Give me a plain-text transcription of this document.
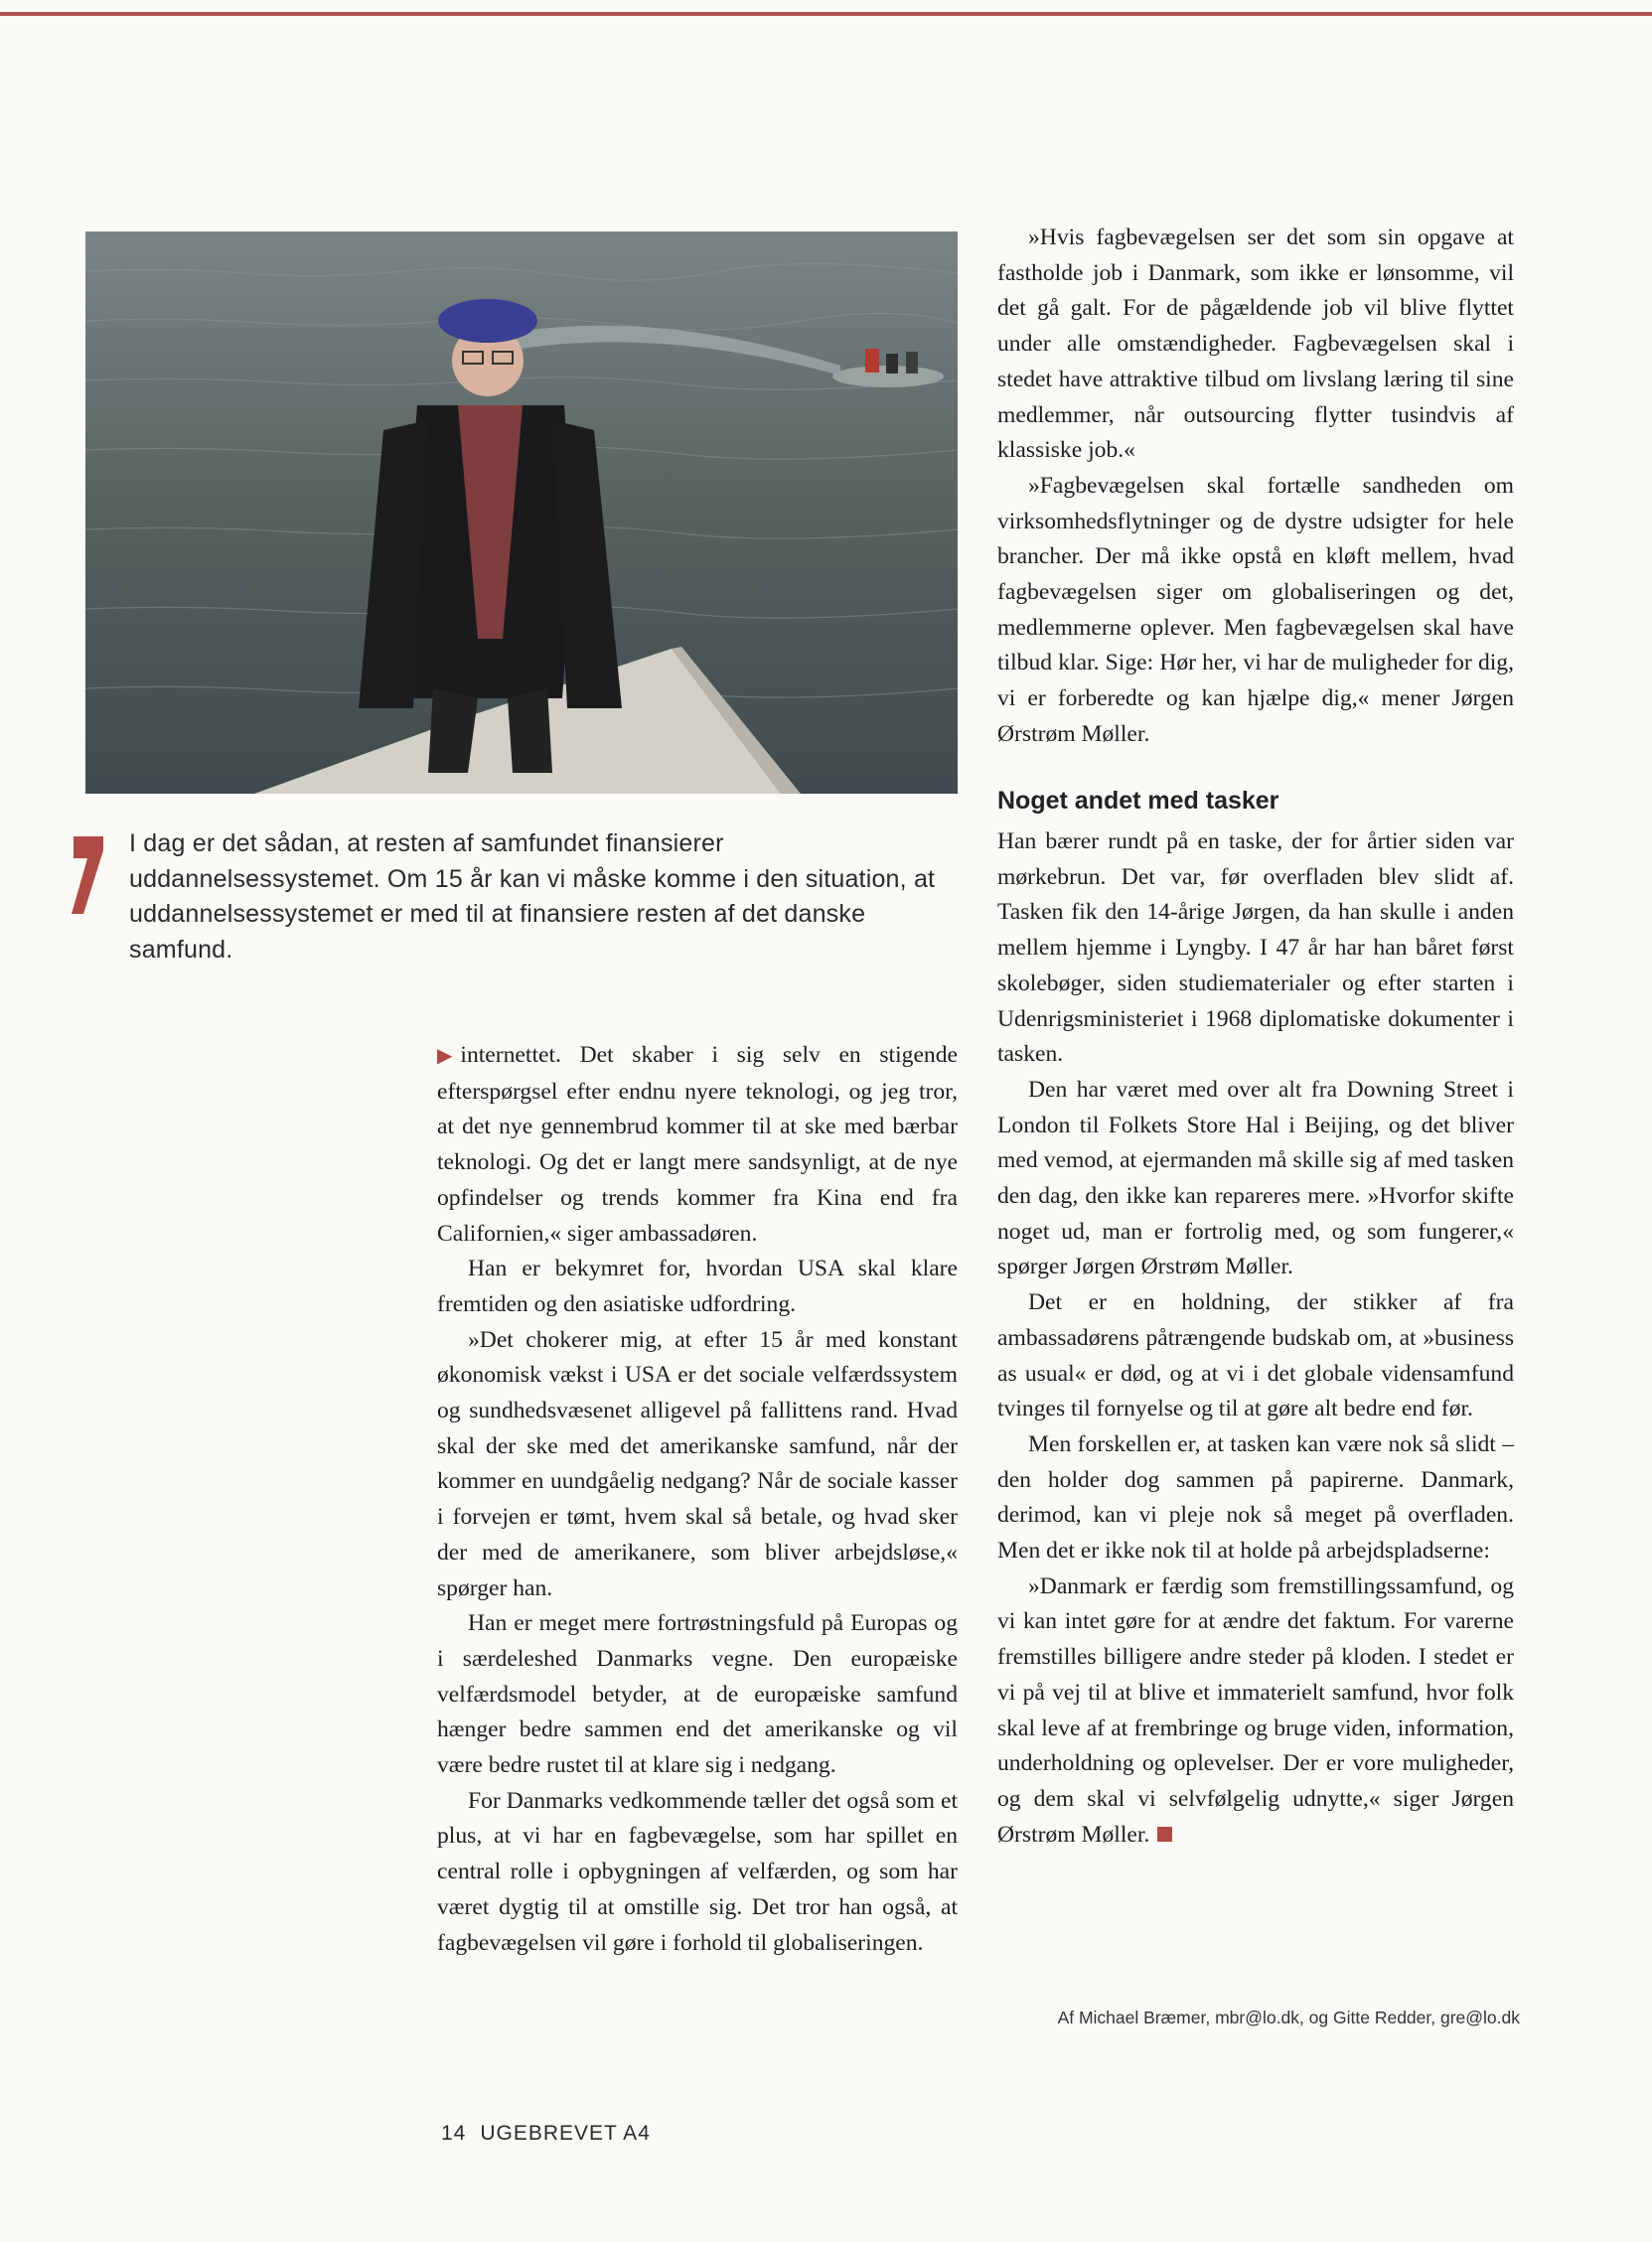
I dag er det sådan, at resten af samfundet finansierer uddannelsessystemet. Om 15 år kan vi måske komme i den situation, at uddannelsessystemet er med til at finansiere resten af det danske samfund.

▶ internettet. Det skaber i sig selv en stigende efterspørgsel efter endnu nyere teknologi, og jeg tror, at det nye gennembrud kommer til at ske med bærbar teknologi. Og det er langt mere sandsynligt, at de nye opfindelser og trends kommer fra Kina end fra Californien,« siger ambassadøren.

Han er bekymret for, hvordan USA skal klare fremtiden og den asiatiske udfordring.

»Det chokerer mig, at efter 15 år med konstant økonomisk vækst i USA er det sociale velfærdssystem og sundhedsvæsenet alligevel på fallittens rand. Hvad skal der ske med det amerikanske samfund, når der kommer en uundgåelig nedgang? Når de sociale kasser i forvejen er tømt, hvem skal så betale, og hvad sker der med de amerikanere, som bliver arbejdsløse,« spørger han.

Han er meget mere fortrøstningsfuld på Europas og i særdeleshed Danmarks vegne. Den europæiske velfærdsmodel betyder, at de europæiske samfund hænger bedre sammen end det amerikanske og vil være bedre rustet til at klare sig i nedgang.

For Danmarks vedkommende tæller det også som et plus, at vi har en fagbevægelse, som har spillet en central rolle i opbygningen af velfærden, og som har været dygtig til at omstille sig. Det tror han også, at fagbevægelsen vil gøre i forhold til globaliseringen.

»Hvis fagbevægelsen ser det som sin opgave at fastholde job i Danmark, som ikke er lønsomme, vil det gå galt. For de pågældende job vil blive flyttet under alle omstændigheder. Fagbevægelsen skal i stedet have attraktive tilbud om livslang læring til sine medlemmer, når outsourcing flytter tusindvis af klassiske job.«

»Fagbevægelsen skal fortælle sandheden om virksomhedsflytninger og de dystre udsigter for hele brancher. Der må ikke opstå en kløft mellem, hvad fagbevægelsen siger om globaliseringen og det, medlemmerne oplever. Men fagbevægelsen skal have tilbud klar. Sige: Hør her, vi har de muligheder for dig, vi er forberedte og kan hjælpe dig,« mener Jørgen Ørstrøm Møller.

Noget andet med tasker

Han bærer rundt på en taske, der for årtier siden var mørkebrun. Det var, før overfladen blev slidt af. Tasken fik den 14-årige Jørgen, da han skulle i anden mellem hjemme i Lyngby. I 47 år har han båret først skolebøger, siden studiematerialer og efter starten i Udenrigsministeriet i 1968 diplomatiske dokumenter i tasken.

Den har været med over alt fra Downing Street i London til Folkets Store Hal i Beijing, og det bliver med vemod, at ejermanden må skille sig af med tasken den dag, den ikke kan repareres mere. »Hvorfor skifte noget ud, man er fortrolig med, og som fungerer,« spørger Jørgen Ørstrøm Møller.

Det er en holdning, der stikker af fra ambassadørens påtrængende budskab om, at »business as usual« er død, og at vi i det globale vidensamfund tvinges til fornyelse og til at gøre alt bedre end før.

Men forskellen er, at tasken kan være nok så slidt – den holder dog sammen på papirerne. Danmark, derimod, kan vi pleje nok så meget på overfladen. Men det er ikke nok til at holde på arbejdspladserne:

»Danmark er færdig som fremstillingssamfund, og vi kan intet gøre for at ændre det faktum. For varerne fremstilles billigere andre steder på kloden. I stedet er vi på vej til at blive et immaterielt samfund, hvor folk skal leve af at frembringe og bruge viden, information, underholdning og oplevelser. Der er vore muligheder, og dem skal vi selvfølgelig udnytte,« siger Jørgen Ørstrøm Møller.

Af Michael Bræmer, mbr@lo.dk, og Gitte Redder, gre@lo.dk
14 UGEBREVET A4
